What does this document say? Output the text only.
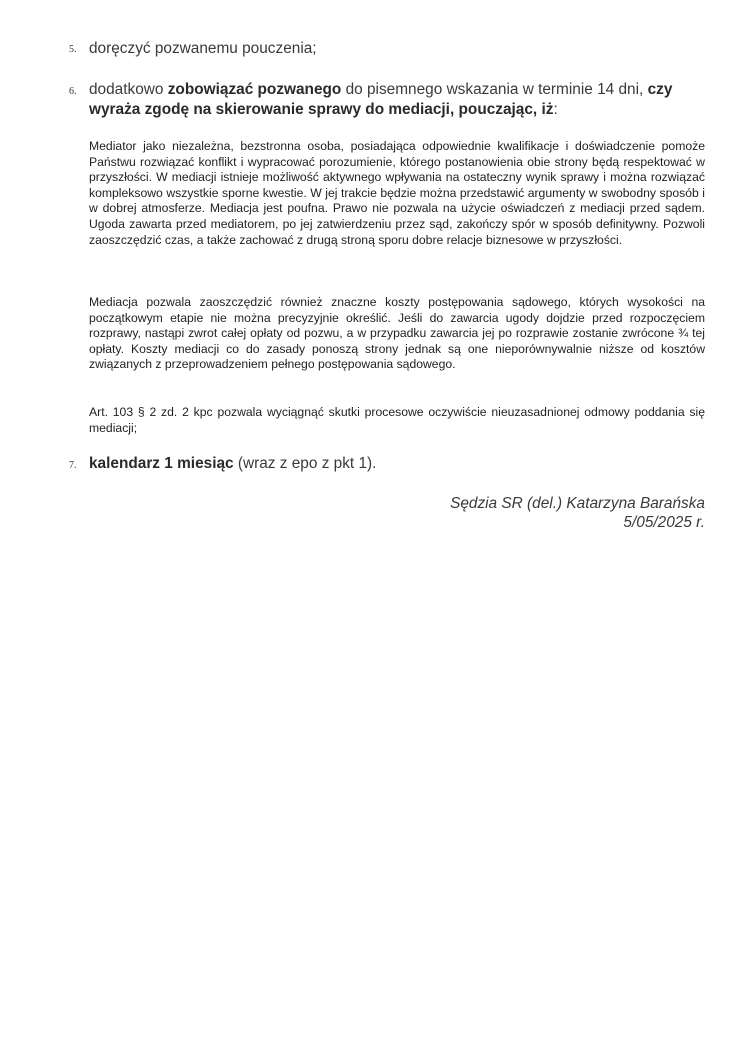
5. doręczyć pozwanemu pouczenia;
6. dodatkowo zobowiązać pozwanego do pisemnego wskazania w terminie 14 dni, czy wyraża zgodę na skierowanie sprawy do mediacji, pouczając, iż:

Mediator jako niezależna, bezstronna osoba, posiadająca odpowiednie kwalifikacje i doświadczenie pomoże Państwu rozwiązać konflikt i wypracować porozumienie, którego postanowienia obie strony będą respektować w przyszłości. W mediacji istnieje możliwość aktywnego wpływania na ostateczny wynik sprawy i można rozwiązać kompleksowo wszystkie sporne kwestie. W jej trakcie będzie można przedstawić argumenty w swobodny sposób i w dobrej atmosferze. Mediacja jest poufna. Prawo nie pozwala na użycie oświadczeń z mediacji przed sądem. Ugoda zawarta przed mediatorem, po jej zatwierdzeniu przez sąd, zakończy spór w sposób definitywny. Pozwoli zaoszczędzić czas, a także zachować z drugą stroną sporu dobre relacje biznesowe w przyszłości.

Mediacja pozwala zaoszczędzić również znaczne koszty postępowania sądowego, których wysokości na początkowym etapie nie można precyzyjnie określić. Jeśli do zawarcia ugody dojdzie przed rozpoczęciem rozprawy, nastąpi zwrot całej opłaty od pozwu, a w przypadku zawarcia jej po rozprawie zostanie zwrócone ¾ tej opłaty. Koszty mediacji co do zasady ponoszą strony jednak są one nieporównywalnie niższe od kosztów związanych z przeprowadzeniem pełnego postępowania sądowego.

Art. 103 § 2 zd. 2 kpc pozwala wyciągnąć skutki procesowe oczywiście nieuzasadnionej odmowy poddania się mediacji;

7. kalendarz 1 miesiąc (wraz z epo z pkt 1).
Sędzia SR (del.) Katarzyna Barańska
5/05/2025 r.
